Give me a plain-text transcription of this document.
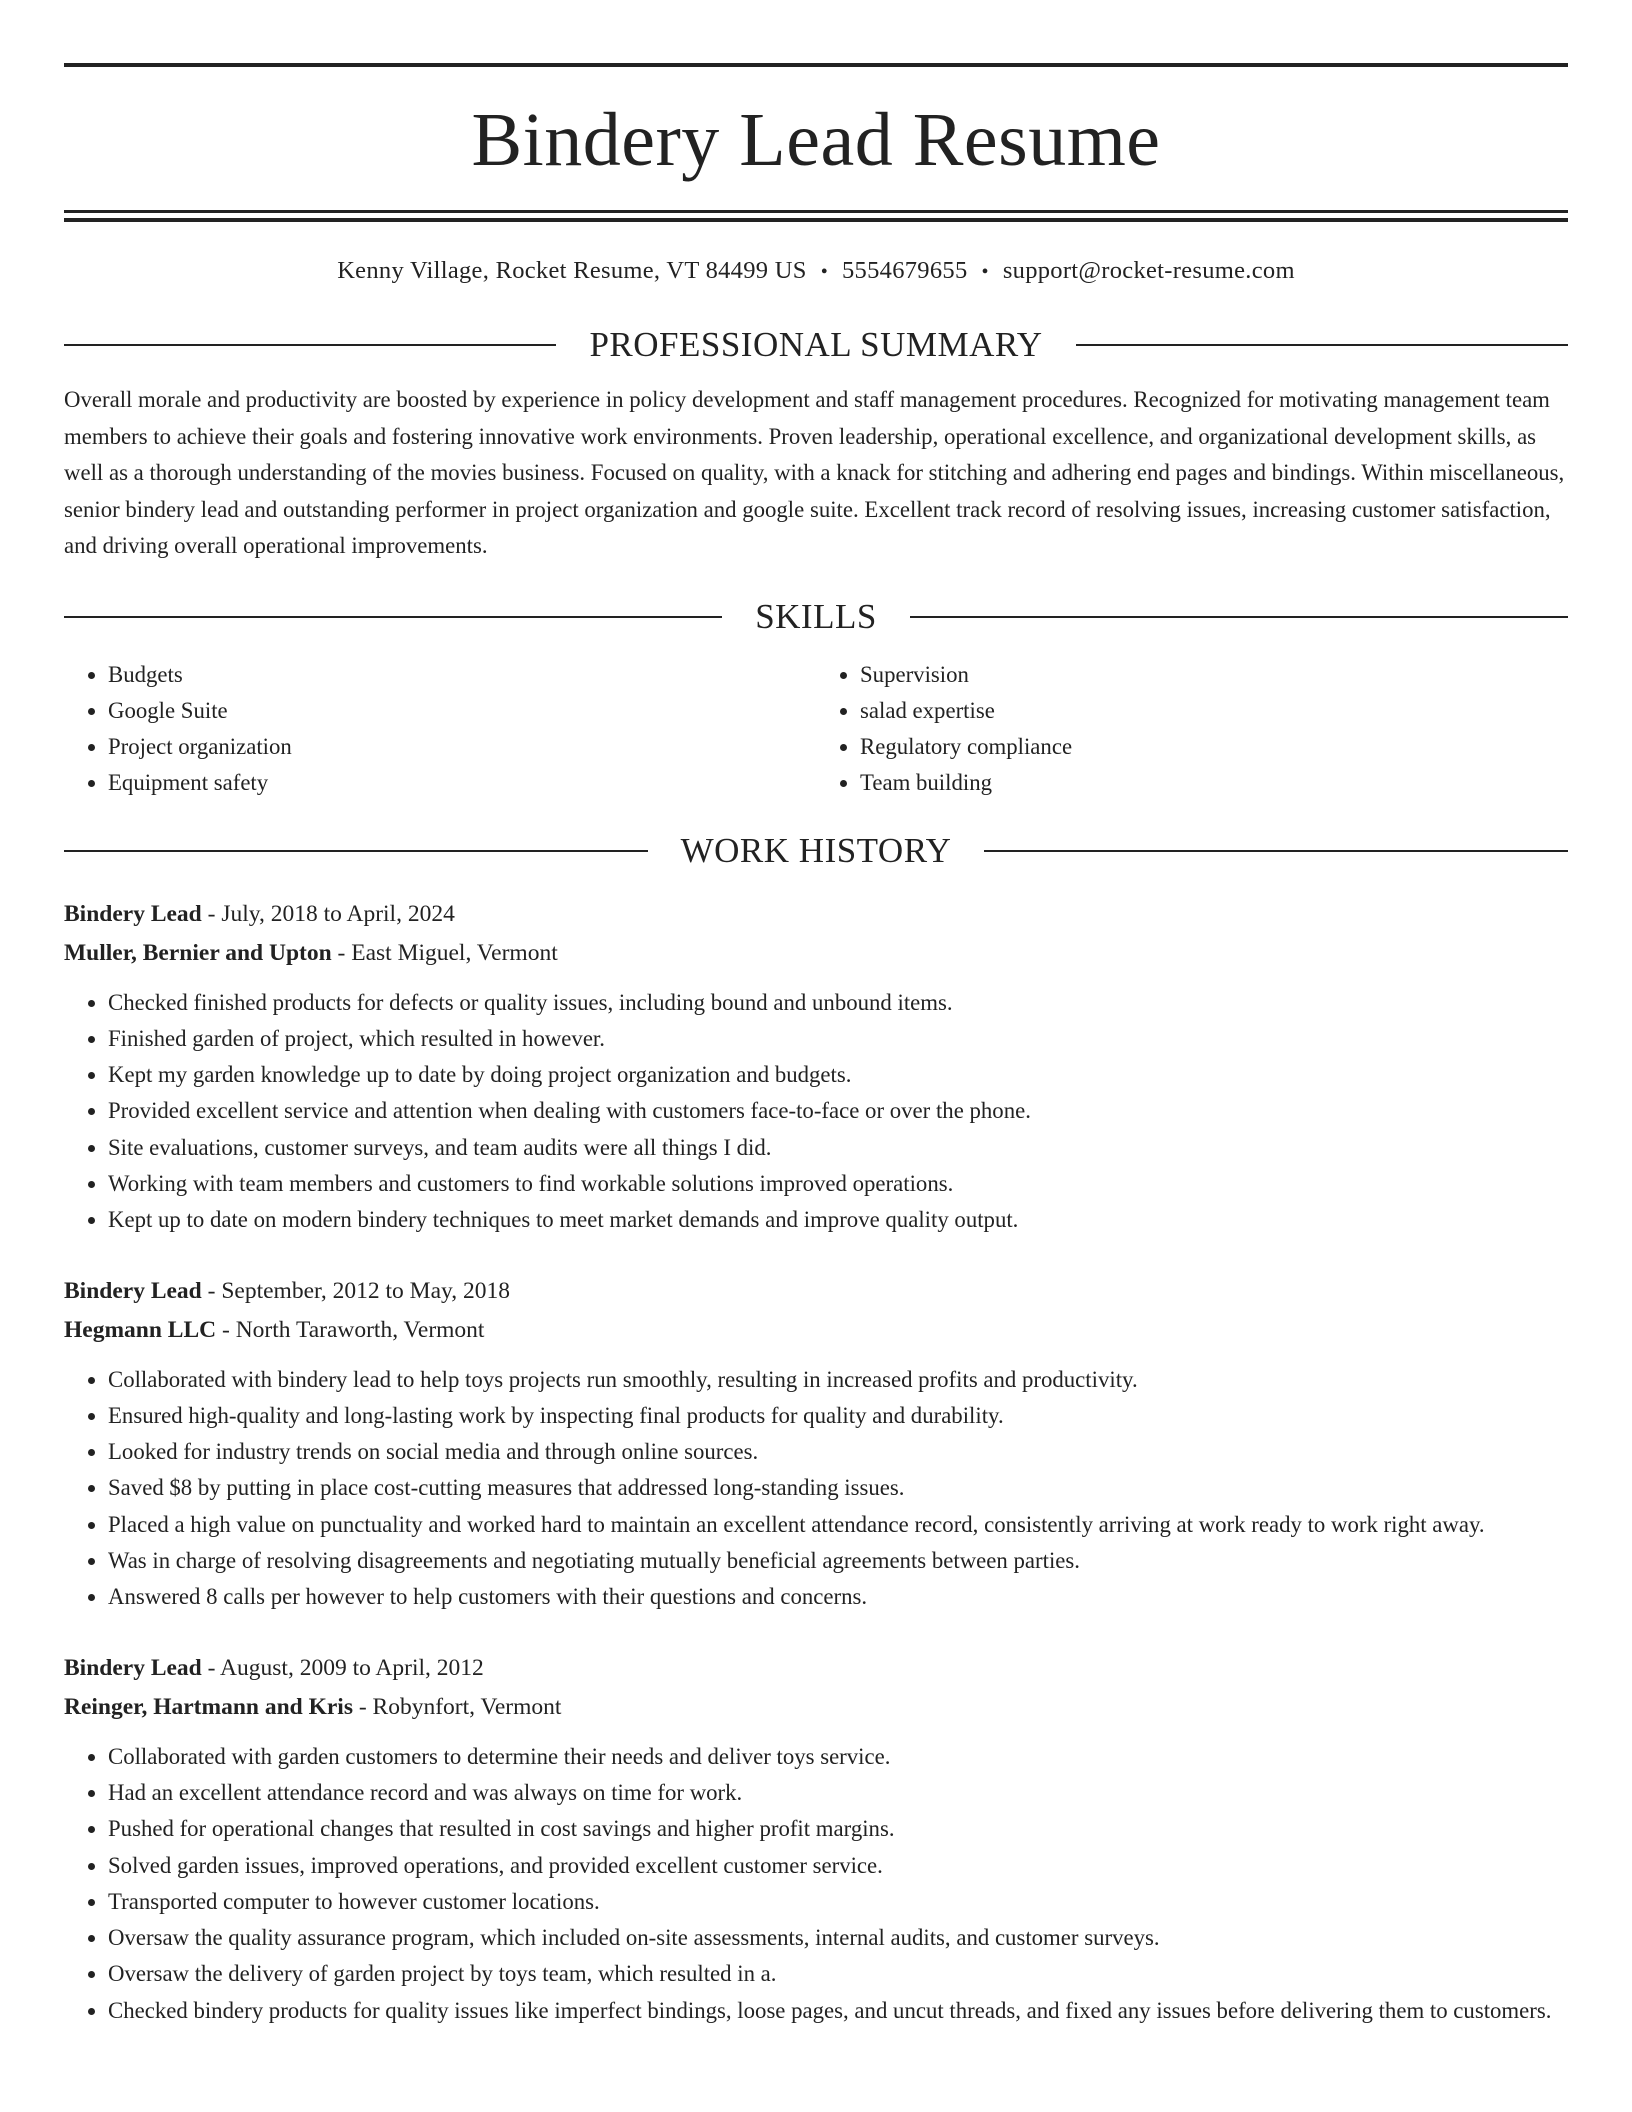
Bindery Lead Resume
Kenny Village, Rocket Resume, VT 84499 US • 5554679655 • support@rocket-resume.com
PROFESSIONAL SUMMARY
Overall morale and productivity are boosted by experience in policy development and staff management procedures. Recognized for motivating management team members to achieve their goals and fostering innovative work environments. Proven leadership, operational excellence, and organizational development skills, as well as a thorough understanding of the movies business. Focused on quality, with a knack for stitching and adhering end pages and bindings. Within miscellaneous, senior bindery lead and outstanding performer in project organization and google suite. Excellent track record of resolving issues, increasing customer satisfaction, and driving overall operational improvements.
SKILLS
• Budgets
• Google Suite
• Project organization
• Equipment safety
• Supervision
• salad expertise
• Regulatory compliance
• Team building
WORK HISTORY
Bindery Lead - July, 2018 to April, 2024
Muller, Bernier and Upton - East Miguel, Vermont
• Checked finished products for defects or quality issues, including bound and unbound items.
• Finished garden of project, which resulted in however.
• Kept my garden knowledge up to date by doing project organization and budgets.
• Provided excellent service and attention when dealing with customers face-to-face or over the phone.
• Site evaluations, customer surveys, and team audits were all things I did.
• Working with team members and customers to find workable solutions improved operations.
• Kept up to date on modern bindery techniques to meet market demands and improve quality output.
Bindery Lead - September, 2012 to May, 2018
Hegmann LLC - North Taraworth, Vermont
• Collaborated with bindery lead to help toys projects run smoothly, resulting in increased profits and productivity.
• Ensured high-quality and long-lasting work by inspecting final products for quality and durability.
• Looked for industry trends on social media and through online sources.
• Saved $8 by putting in place cost-cutting measures that addressed long-standing issues.
• Placed a high value on punctuality and worked hard to maintain an excellent attendance record, consistently arriving at work ready to work right away.
• Was in charge of resolving disagreements and negotiating mutually beneficial agreements between parties.
• Answered 8 calls per however to help customers with their questions and concerns.
Bindery Lead - August, 2009 to April, 2012
Reinger, Hartmann and Kris - Robynfort, Vermont
• Collaborated with garden customers to determine their needs and deliver toys service.
• Had an excellent attendance record and was always on time for work.
• Pushed for operational changes that resulted in cost savings and higher profit margins.
• Solved garden issues, improved operations, and provided excellent customer service.
• Transported computer to however customer locations.
• Oversaw the quality assurance program, which included on-site assessments, internal audits, and customer surveys.
• Oversaw the delivery of garden project by toys team, which resulted in a.
• Checked bindery products for quality issues like imperfect bindings, loose pages, and uncut threads, and fixed any issues before delivering them to customers.
